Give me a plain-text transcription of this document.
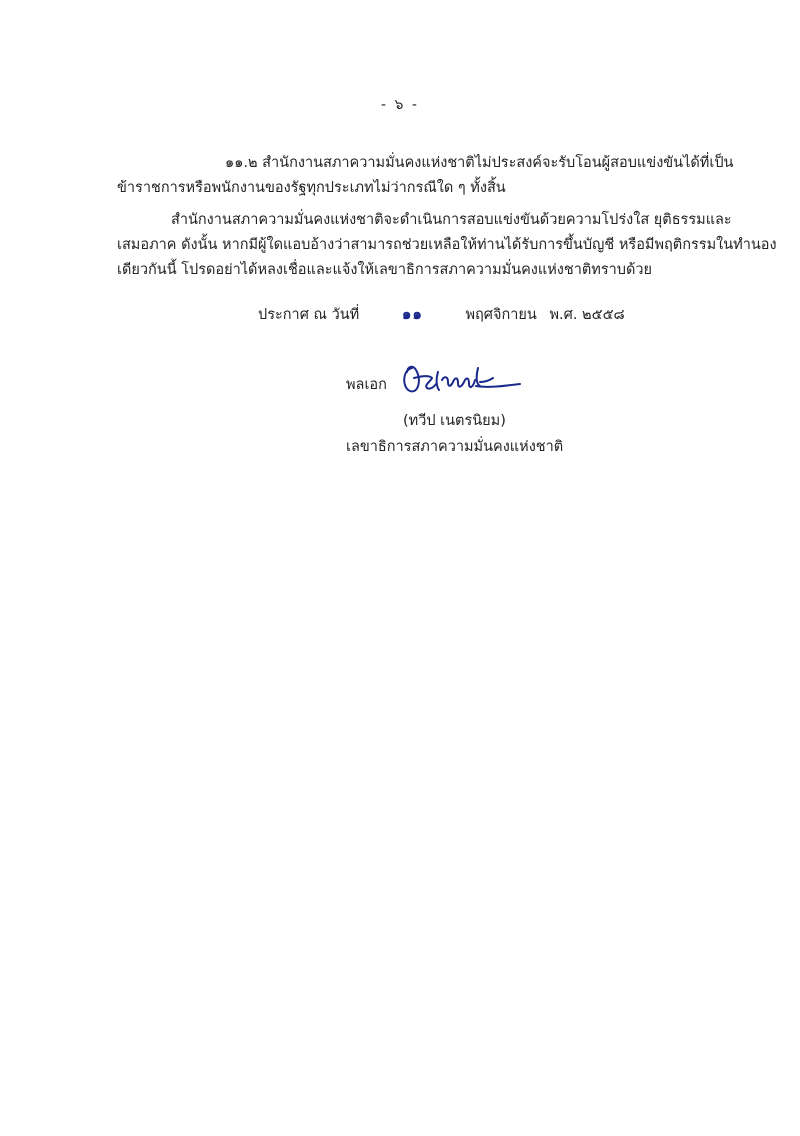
- ๖ -
๑๑.๒ สำนักงานสภาความมั่นคงแห่งชาติไม่ประสงค์จะรับโอนผู้สอบแข่งขันได้ที่เป็น
ข้าราชการหรือพนักงานของรัฐทุกประเภทไม่ว่ากรณีใด ๆ ทั้งสิ้น
สำนักงานสภาความมั่นคงแห่งชาติจะดำเนินการสอบแข่งขันด้วยความโปร่งใส ยุติธรรมและ
เสมอภาค ดังนั้น หากมีผู้ใดแอบอ้างว่าสามารถช่วยเหลือให้ท่านได้รับการขึ้นบัญชี หรือมีพฤติกรรมในทำนอง
เดียวกันนี้ โปรดอย่าได้หลงเชื่อและแจ้งให้เลขาธิการสภาความมั่นคงแห่งชาติทราบด้วย
ประกาศ ณ วันที่	๑๑	พฤศจิกายน พ.ศ. ๒๕๕๘
พลเอก
(ทวีป เนตรนิยม)
เลขาธิการสภาความมั่นคงแห่งชาติ
